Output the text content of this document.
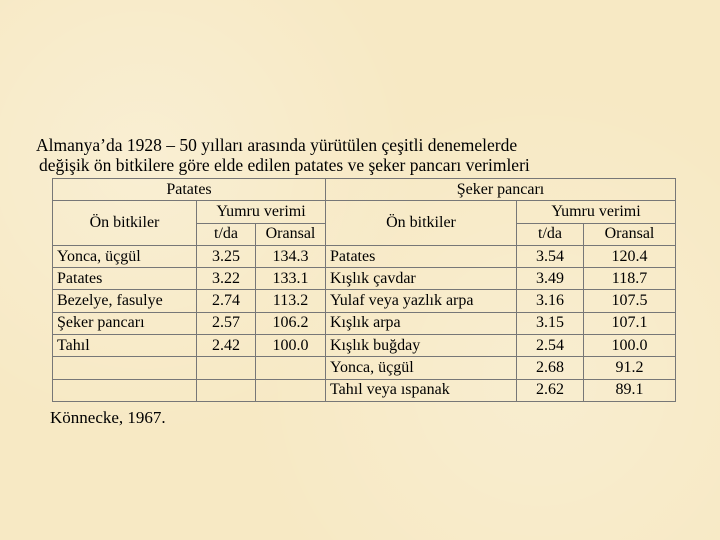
Almanya’da 1928 – 50 yılları arasında yürütülen çeşitli denemelerde
değişik ön bitkilere göre elde edilen patates ve şeker pancarı verimleri
Patates			Şeker pancarı		
Ön bitkiler	Yumru verimi		Ön bitkiler	Yumru verimi	
	t/da	Oransal		t/da	Oransal
Yonca, üçgül	3.25	134.3	Patates	3.54	120.4
Patates	3.22	133.1	Kışlık çavdar	3.49	118.7
Bezelye, fasulye	2.74	113.2	Yulaf veya yazlık arpa	3.16	107.5
Şeker pancarı	2.57	106.2	Kışlık arpa	3.15	107.1
Tahıl	2.42	100.0	Kışlık buğday	2.54	100.0
			Yonca, üçgül	2.68	91.2
			Tahıl veya ıspanak	2.62	89.1
Könnecke, 1967.
